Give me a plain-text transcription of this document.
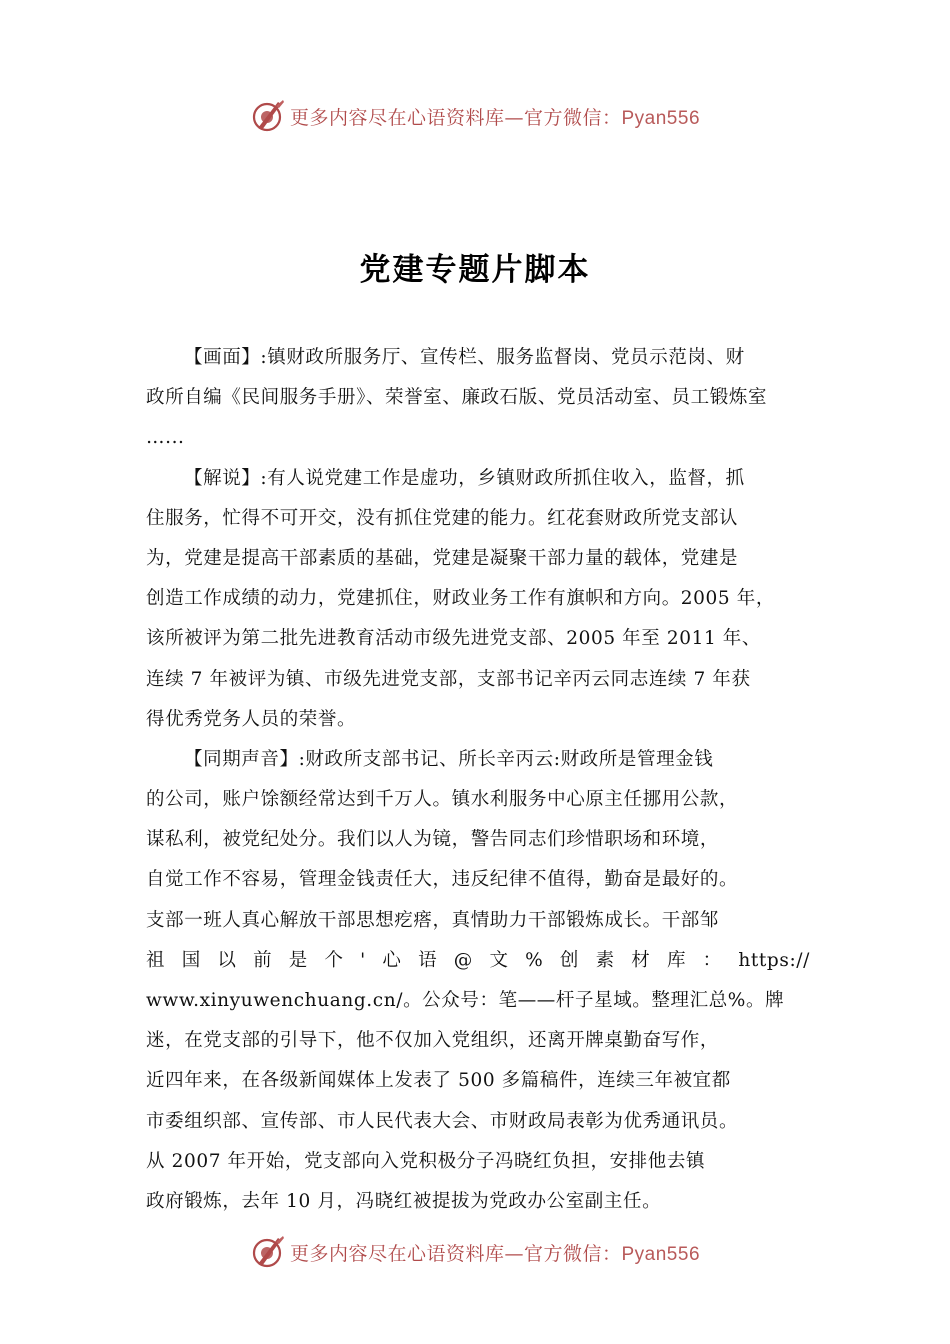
更多内容尽在心语资料库—官方微信：Pyan556
党建专题片脚本
【画面】:镇财政所服务厅、宣传栏、服务监督岗、党员示范岗、财
政所自编《民间服务手册》、荣誉室、廉政石版、党员活动室、员工锻炼室
…...
【解说】:有人说党建工作是虚功，乡镇财政所抓住收入，监督，抓
住服务，忙得不可开交，没有抓住党建的能力。红花套财政所党支部认
为，党建是提高干部素质的基础，党建是凝聚干部力量的载体，党建是
创造工作成绩的动力，党建抓住，财政业务工作有旗帜和方向。2005 年，
该所被评为第二批先进教育活动市级先进党支部、2005 年至 2011 年、
连续 7 年被评为镇、市级先进党支部，支部书记辛丙云同志连续 7 年获
得优秀党务人员的荣誉。
【同期声音】:财政所支部书记、所长辛丙云:财政所是管理金钱
的公司，账户馀额经常达到千万人。镇水利服务中心原主任挪用公款，
谋私利，被党纪处分。我们以人为镜，警告同志们珍惜职场和环境，
自觉工作不容易，管理金钱责任大，违反纪律不值得，勤奋是最好的。
支部一班人真心解放干部思想疙瘩，真情助力干部锻炼成长。干部邹
祖 国 以 前 是 个 ' 心 语 @ 文 % 创 素 材 库 ： https://
www.xinyuwenchuang.cn/。公众号：笔——杆子星域。整理汇总%。牌
迷，在党支部的引导下，他不仅加入党组织，还离开牌桌勤奋写作，
近四年来，在各级新闻媒体上发表了 500 多篇稿件，连续三年被宜都
市委组织部、宣传部、市人民代表大会、市财政局表彰为优秀通讯员。
从 2007 年开始，党支部向入党积极分子冯晓红负担，安排他去镇
政府锻炼，去年 10 月，冯晓红被提拔为党政办公室副主任。
更多内容尽在心语资料库—官方微信：Pyan556
